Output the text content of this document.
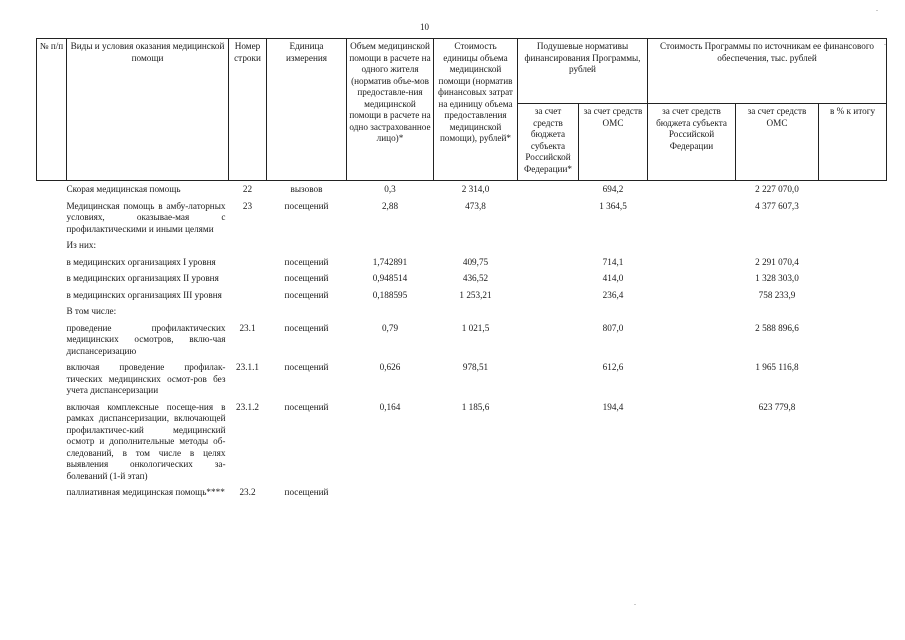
10
.
.
.
№ п/п	Виды и условия оказания медицинской помощи	Номер строки	Единица измерения	Объем медицинской помощи в расчете на одного жителя (норматив объе-мов предоставле-ния медицинской помощи в расчете на одно застрахованное лицо)*	Стоимость единицы объема медицинской помощи (норматив финансовых затрат на единицу объема предоставления медицинской помощи), рублей*	Подушевые нормативы финансирования Программы, рублей		Стоимость Программы по источникам ее финансового обеспечения, тыс. рублей		
						за счет средств бюджета субъекта Российской Федерации*	за счет средств ОМС	за счет средств бюджета субъекта Российской Федерации	за счет средств ОМС	в % к итогу
	Скорая медицинская помощь	22	вызовов	0,3	2 314,0		694,2		2 227 070,0	
	Медицинская помощь в амбу-латорных условиях, оказывае-мая с профилактическими и иными целями	23	посещений	2,88	473,8		1 364,5		4 377 607,3	
	Из них:									
	в медицинских организациях I уровня		посещений	1,742891	409,75		714,1		2 291 070,4	
	в медицинских организациях II уровня		посещений	0,948514	436,52		414,0		1 328 303,0	
	в медицинских организациях III уровня		посещений	0,188595	1 253,21		236,4		758 233,9	
	В том числе:									
	проведение профилактических медицинских осмотров, вклю-чая диспансеризацию	23.1	посещений	0,79	1 021,5		807,0		2 588 896,6	
	включая проведение профилак-тических медицинских осмот-ров без учета диспансеризации	23.1.1	посещений	0,626	978,51		612,6		1 965 116,8	
	включая комплексные посеще-ния в рамках диспансеризации, включающей профилактичес-кий медицинский осмотр и дополнительные методы об-следований, в том числе в целях выявления онкологических за-болеваний (1-й этап)	23.1.2	посещений	0,164	1 185,6		194,4		623 779,8	
	паллиативная медицинская помощь****	23.2	посещений							
